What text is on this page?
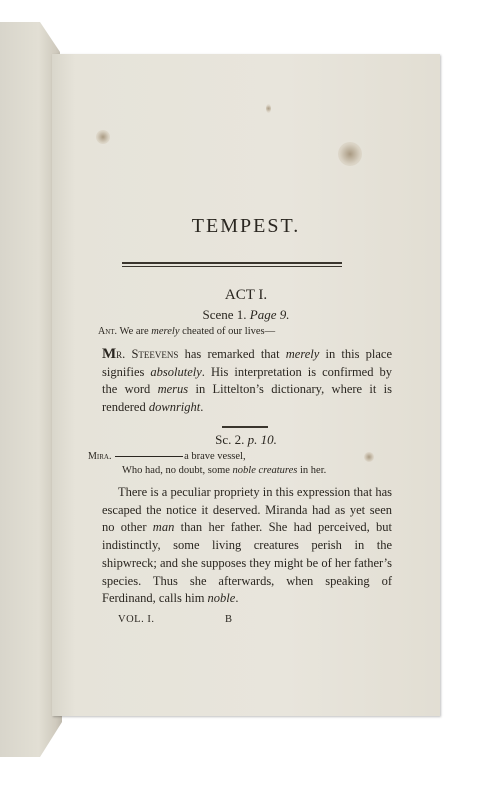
TEMPEST.
ACT I.
Scene 1. Page 9.
Ant. We are merely cheated of our lives—
Mr. Steevens has remarked that merely in this place signifies absolutely. His interpretation is confirmed by the word merus in Littelton’s dictionary, where it is rendered downright.
Sc. 2. p. 10.
Mira.	a brave vessel,
Who had, no doubt, some noble creatures in her.
There is a peculiar propriety in this expression that has escaped the notice it deserved. Miranda had as yet seen no other man than her father. She had perceived, but indistinctly, some living creatures perish in the shipwreck; and she supposes they might be of her father’s species. Thus she afterwards, when speaking of Ferdinand, calls him noble.
VOL. I.	B
